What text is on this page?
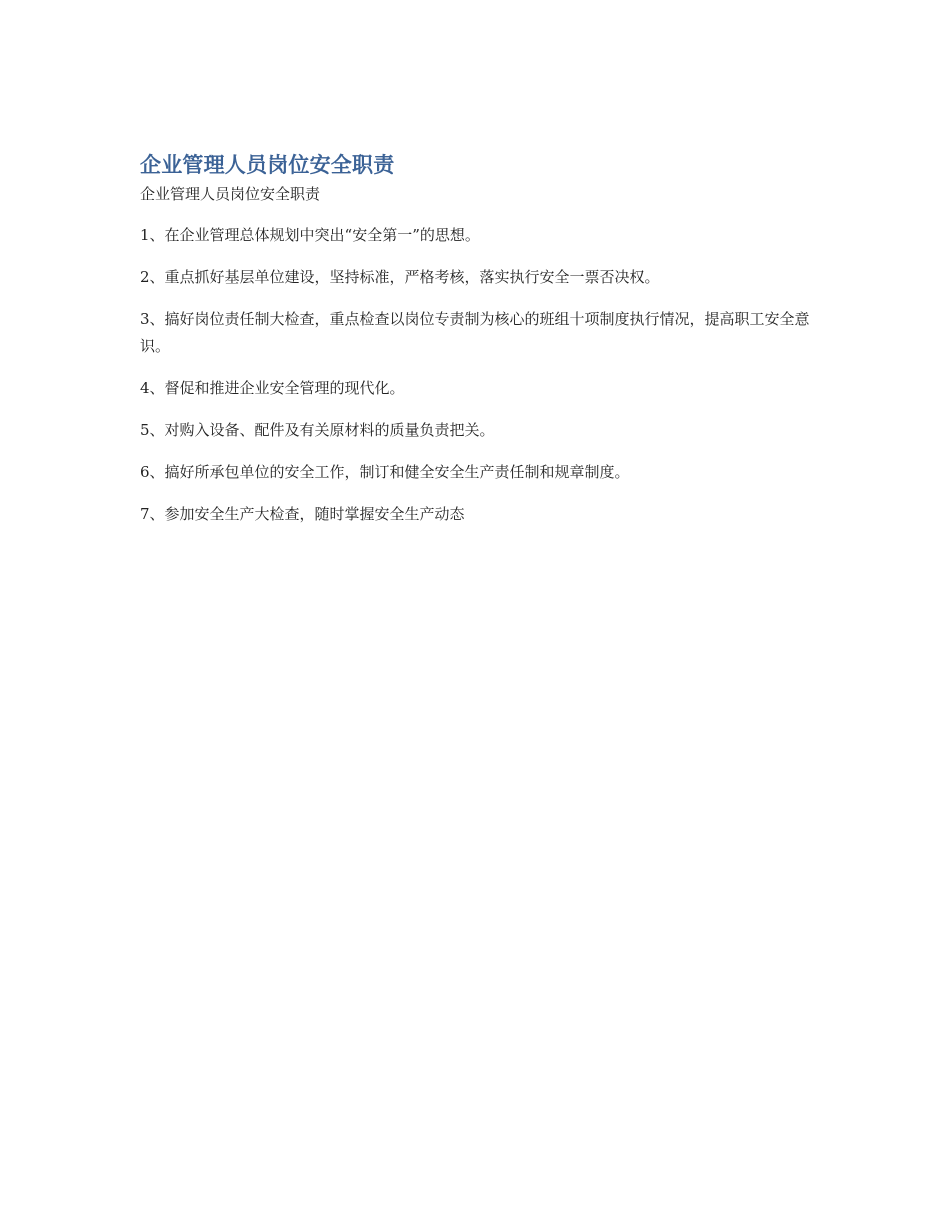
企业管理人员岗位安全职责
企业管理人员岗位安全职责

1、在企业管理总体规划中突出“安全第一”的思想。

2、重点抓好基层单位建设，坚持标准，严格考核，落实执行安全一票否决权。

3、搞好岗位责任制大检查，重点检查以岗位专责制为核心的班组十项制度执行情况，提高职工安全意识。

4、督促和推进企业安全管理的现代化。

5、对购入设备、配件及有关原材料的质量负责把关。

6、搞好所承包单位的安全工作，制订和健全安全生产责任制和规章制度。

7、参加安全生产大检查，随时掌握安全生产动态
